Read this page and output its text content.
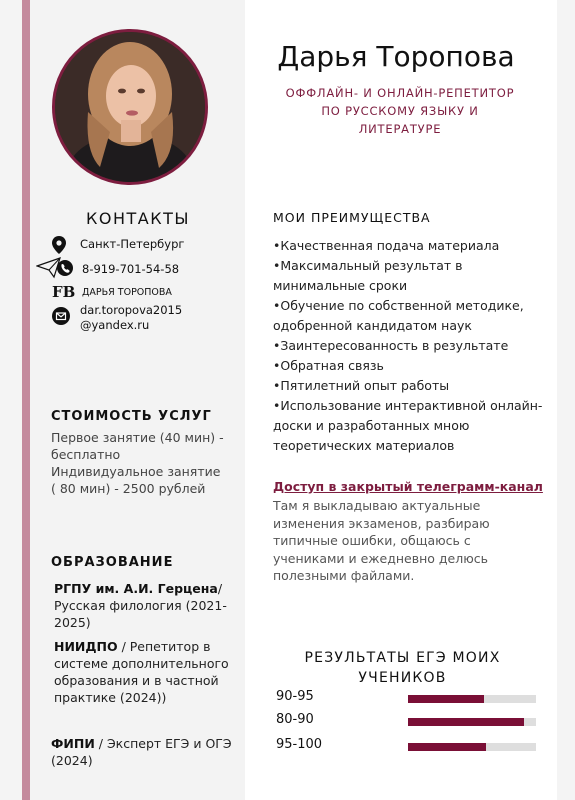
Дарья Торопова
ОФФЛАЙН- И ОНЛАЙН-РЕПЕТИТОР ПО РУССКОМУ ЯЗЫКУ И ЛИТЕРАТУРЕ
КОНТАКТЫ
Санкт-Петербург
8-919-701-54-58
FB ДАРЬЯ ТОРОПОВА
dar.toropova2015
@yandex.ru
СТОИМОСТЬ УСЛУГ
Первое занятие (40 мин) -
бесплатно
Индивидуальное занятие
( 80 мин) - 2500 рублей
ОБРАЗОВАНИЕ
РГПУ им. А.И. Герцена/ Русская филология (2021-2025)
НИИДПО / Репетитор в системе дополнительного образования и в частной практике (2024))
ФИПИ / Эксперт ЕГЭ и ОГЭ (2024)
МОИ ПРЕИМУЩЕСТВА
•Качественная подача материала
•Максимальный результат в минимальные сроки
•Обучение по собственной методике, одобренной кандидатом наук
•Заинтересованность в результате
•Обратная связь
•Пятилетний опыт работы
•Использование интерактивной онлайн-доски и разработанных мною теоретических материалов
Доступ в закрытый телеграмм-канал
Там я выкладываю актуальные изменения экзаменов, разбираю типичные ошибки, общаюсь с учениками и ежедневно делюсь полезными файлами.
РЕЗУЛЬТАТЫ ЕГЭ МОИХ УЧЕНИКОВ
90-95
80-90
95-100
